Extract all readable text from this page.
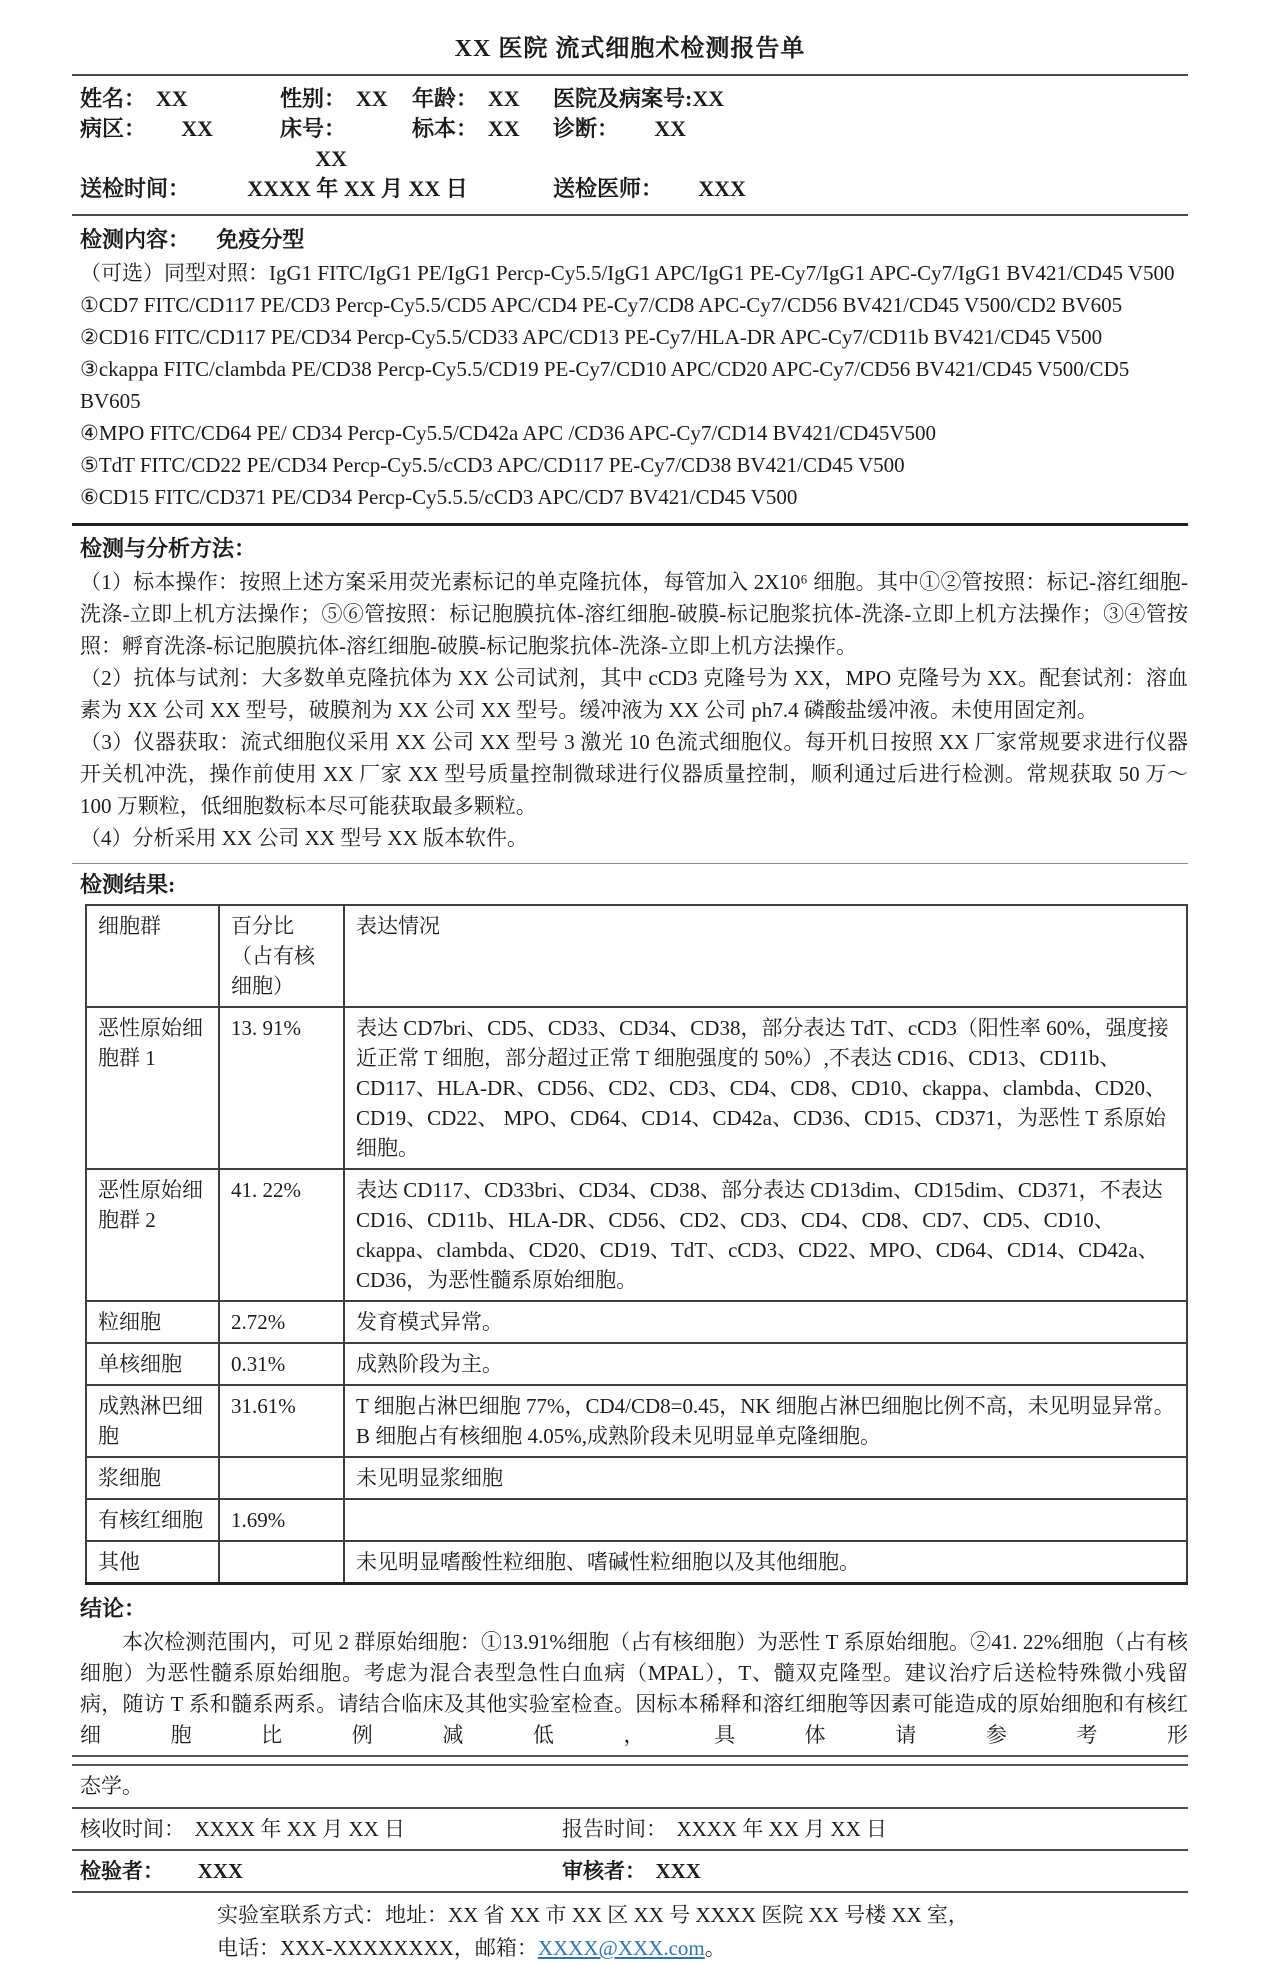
XX 医院 流式细胞术检测报告单
姓名： XX	性别： XX	年龄： XX	医院及病案号:XX
病区： XX	床号：XX
标本： XX	诊断： XX
送检时间：	XXXX 年 XX 月 XX 日	送检医师： XXX
检测内容： 免疫分型
（可选）同型对照：IgG1 FITC/IgG1 PE/IgG1 Percp-Cy5.5/IgG1 APC/IgG1 PE-Cy7/IgG1 APC-Cy7/IgG1 BV421/CD45 V500
①CD7 FITC/CD117 PE/CD3 Percp-Cy5.5/CD5 APC/CD4 PE-Cy7/CD8 APC-Cy7/CD56 BV421/CD45 V500/CD2 BV605
②CD16 FITC/CD117 PE/CD34 Percp-Cy5.5/CD33 APC/CD13 PE-Cy7/HLA-DR APC-Cy7/CD11b BV421/CD45 V500
③ckappa FITC/clambda PE/CD38 Percp-Cy5.5/CD19 PE-Cy7/CD10 APC/CD20 APC-Cy7/CD56 BV421/CD45 V500/CD5 BV605
④MPO FITC/CD64 PE/ CD34 Percp-Cy5.5/CD42a APC /CD36 APC-Cy7/CD14 BV421/CD45V500
⑤TdT FITC/CD22 PE/CD34 Percp-Cy5.5/cCD3 APC/CD117 PE-Cy7/CD38 BV421/CD45 V500
⑥CD15 FITC/CD371 PE/CD34 Percp-Cy5.5.5/cCD3 APC/CD7 BV421/CD45 V500
检测与分析方法：

（1）标本操作：按照上述方案采用荧光素标记的单克隆抗体，每管加入 2X10⁶ 细胞。其中①②管按照：标记-溶红细胞-洗涤-立即上机方法操作；⑤⑥管按照：标记胞膜抗体-溶红细胞-破膜-标记胞浆抗体-洗涤-立即上机方法操作；③④管按照：孵育洗涤-标记胞膜抗体-溶红细胞-破膜-标记胞浆抗体-洗涤-立即上机方法操作。

（2）抗体与试剂：大多数单克隆抗体为 XX 公司试剂，其中 cCD3 克隆号为 XX，MPO 克隆号为 XX。配套试剂：溶血素为 XX 公司 XX 型号，破膜剂为 XX 公司 XX 型号。缓冲液为 XX 公司 ph7.4 磷酸盐缓冲液。未使用固定剂。

（3）仪器获取：流式细胞仪采用 XX 公司 XX 型号 3 激光 10 色流式细胞仪。每开机日按照 XX 厂家常规要求进行仪器开关机冲洗，操作前使用 XX 厂家 XX 型号质量控制微球进行仪器质量控制，顺利通过后进行检测。常规获取 50 万～100 万颗粒，低细胞数标本尽可能获取最多颗粒。

（4）分析采用 XX 公司 XX 型号 XX 版本软件。

检测结果:
细胞群	百分比（占有核细胞）	表达情况
恶性原始细胞群 1	13. 91%	表达 CD7bri、CD5、CD33、CD34、CD38，部分表达 TdT、cCD3（阳性率 60%，强度接近正常 T 细胞，部分超过正常 T 细胞强度的 50%）,不表达 CD16、CD13、CD11b、CD117、HLA-DR、CD56、CD2、CD3、CD4、CD8、CD10、ckappa、clambda、CD20、CD19、CD22、 MPO、CD64、CD14、CD42a、CD36、CD15、CD371，为恶性 T 系原始细胞。
恶性原始细胞群 2	41. 22%	表达 CD117、CD33bri、CD34、CD38、部分表达 CD13dim、CD15dim、CD371，不表达 CD16、CD11b、HLA-DR、CD56、CD2、CD3、CD4、CD8、CD7、CD5、CD10、ckappa、clambda、CD20、CD19、TdT、cCD3、CD22、MPO、CD64、CD14、CD42a、CD36，为恶性髓系原始细胞。
粒细胞	2.72%	发育模式异常。
单核细胞	0.31%	成熟阶段为主。
成熟淋巴细胞	31.61%	T 细胞占淋巴细胞 77%，CD4/CD8=0.45，NK 细胞占淋巴细胞比例不高，未见明显异常。B 细胞占有核细胞 4.05%,成熟阶段未见明显单克隆细胞。
浆细胞		未见明显浆细胞
有核红细胞	1.69%	
其他		未见明显嗜酸性粒细胞、嗜碱性粒细胞以及其他细胞。
结论：
本次检测范围内，可见 2 群原始细胞：①13.91%细胞（占有核细胞）为恶性 T 系原始细胞。②41. 22%细胞（占有核细胞）为恶性髓系原始细胞。考虑为混合表型急性白血病（MPAL），T、髓双克隆型。建议治疗后送检特殊微小残留病，随访 T 系和髓系两系。请结合临床及其他实验室检查。因标本稀释和溶红细胞等因素可能造成的原始细胞和有核红细胞比例减低，具体请参考形
态学。
核收时间： XXXX 年 XX 月 XX 日	报告时间： XXXX 年 XX 月 XX 日
检验者： XXX	审核者： XXX
实验室联系方式：地址：XX 省 XX 市 XX 区 XX 号 XXXX 医院 XX 号楼 XX 室，
电话：XXX-XXXXXXXX，邮箱：XXXX@XXX.com。
